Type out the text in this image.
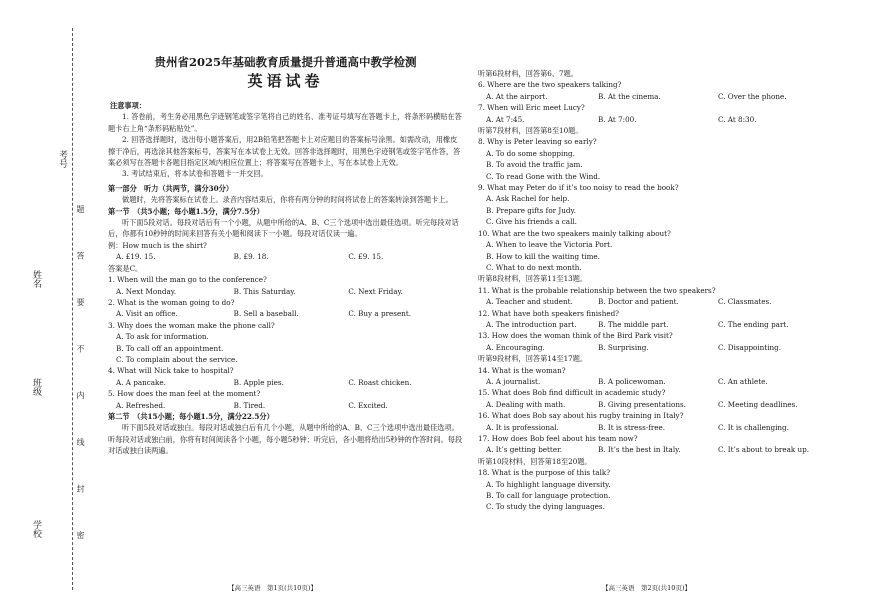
考号
姓名
班级
学校	题 答 要 不 内 线 封 密
贵州省2025年基础教育质量提升普通高中教学检测
英语试卷
注意事项：
1. 答卷前，考生务必用黑色字迹钢笔或签字笔将自己的姓名、准考证号填写在答题卡上，将条形码横贴在答题卡右上角“条形码粘贴处”。
2. 回答选择题时，选出每小题答案后，用2B铅笔把答题卡上对应题目的答案标号涂黑。如需改动，用橡皮擦干净后，再选涂其他答案标号，答案写在本试卷上无效。回答非选择题时，用黑色字迹钢笔或签字笔作答，答案必须写在答题卡各题目指定区域内相应位置上；将答案写在答题卡上，写在本试卷上无效。
3. 考试结束后，将本试卷和答题卡一并交回。
第一部分　听力（共两节，满分30分）
做题时，先将答案标在试卷上。录音内容结束后，你将有两分钟的时间将试卷上的答案转涂到答题卡上。
第一节　（共5小题；每小题1.5分，满分7.5分）
听下面5段对话。每段对话后有一个小题，从题中所给的A、B、C三个选项中选出最佳选项。听完每段对话后，你都有10秒钟的时间来回答有关小题和阅读下一小题。每段对话仅读一遍。
例：How much is the shirt?
A. £19. 15.	B. £9. 18.	C. £9. 15.
答案是C。
1. When will the man go to the conference?
A. Next Monday.	B. This Saturday.	C. Next Friday.
2. What is the woman going to do?
A. Visit an office.	B. Sell a baseball.	C. Buy a present.
3. Why does the woman make the phone call?
A. To ask for information.
B. To call off an appointment.
C. To complain about the service.
4. What will Nick take to hospital?
A. A pancake.	B. Apple pies.	C. Roast chicken.
5. How does the man feel at the moment?
A. Refreshed.	B. Tired.	C. Excited.
第二节　（共15小题；每小题1.5分，满分22.5分）
听下面5段对话或独白。每段对话或独白后有几个小题，从题中所给的A、B、C三个选项中选出最佳选项。听每段对话或独白前，你将有时间阅读各个小题，每小题5秒钟；听完后，各小题将给出5秒钟的作答时间。每段对话或独白读两遍。
【高三英语　第1页(共10页)】
听第6段材料，回答第6、7题。
6. Where are the two speakers talking?
A. At the airport.	B. At the cinema.	C. Over the phone.
7. When will Eric meet Lucy?
A. At 7:45.	B. At 7:00.	C. At 8:30.
听第7段材料，回答第8至10题。
8. Why is Peter leaving so early?
A. To do some shopping.
B. To avoid the traffic jam.
C. To read Gone with the Wind.
9. What may Peter do if it’s too noisy to read the book?
A. Ask Rachel for help.
B. Prepare gifts for Judy.
C. Give his friends a call.
10. What are the two speakers mainly talking about?
A. When to leave the Victoria Port.
B. How to kill the waiting time.
C. What to do next month.
听第8段材料，回答第11至13题。
11. What is the probable relationship between the two speakers?
A. Teacher and student.	B. Doctor and patient.	C. Classmates.
12. What have both speakers finished?
A. The introduction part.	B. The middle part.	C. The ending part.
13. How does the woman think of the Bird Park visit?
A. Encouraging.	B. Surprising.	C. Disappointing.
听第9段材料，回答第14至17题。
14. What is the woman?
A. A journalist.	B. A policewoman.	C. An athlete.
15. What does Bob find difficult in academic study?
A. Dealing with math.	B. Giving presentations.	C. Meeting deadlines.
16. What does Bob say about his rugby training in Italy?
A. It is professional.	B. It is stress-free.	C. It is challenging.
17. How does Bob feel about his team now?
A. It’s getting better.	B. It’s the best in Italy.	C. It’s about to break up.
听第10段材料，回答第18至20题。
18. What is the purpose of this talk?
A. To highlight language diversity.
B. To call for language protection.
C. To study the dying languages.
【高三英语　第2页(共10页)】
